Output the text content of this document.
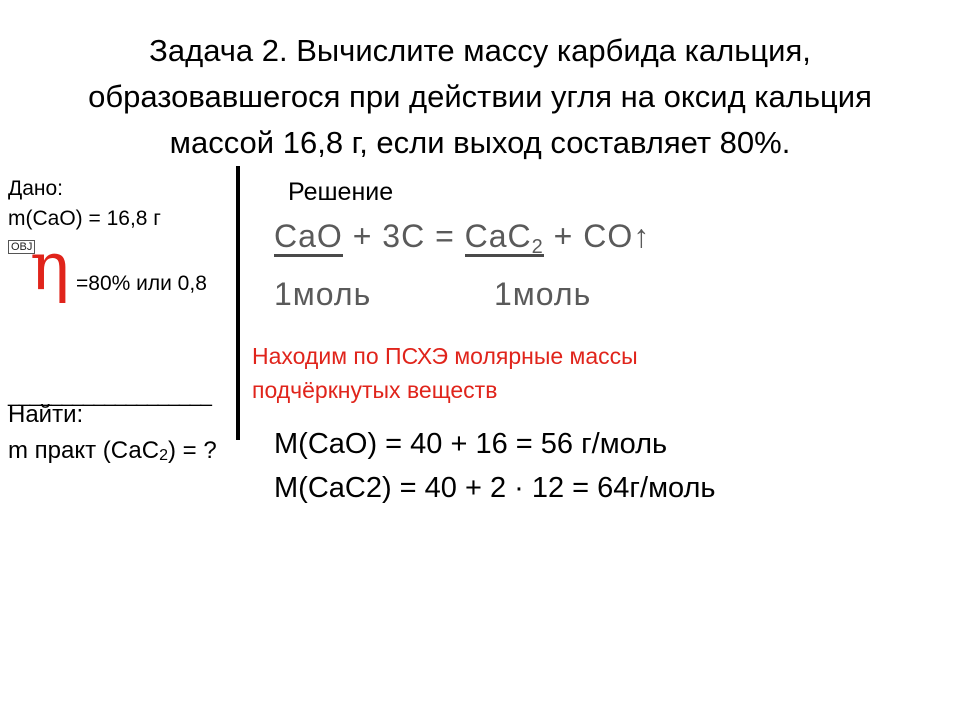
Задача 2. Вычислите массу карбида кальция, образовавшегося при действии угля на оксид кальция массой 16,8 г, если выход составляет 80%.
Дано:
m(CaO) = 16,8 г
ОВЈ
η =80% или 0,8
___________________
Найти:
m практ (СаС2) = ?
Решение
CaO + 3C = CaC$_2$ + CO↑
1моль	1моль
Находим по ПСХЭ молярные массы
подчёркнутых веществ
M(CaO) = 40 + 16 = 56 г/моль
M(CaC2) = 40 + 2 · 12 = 64г/моль
